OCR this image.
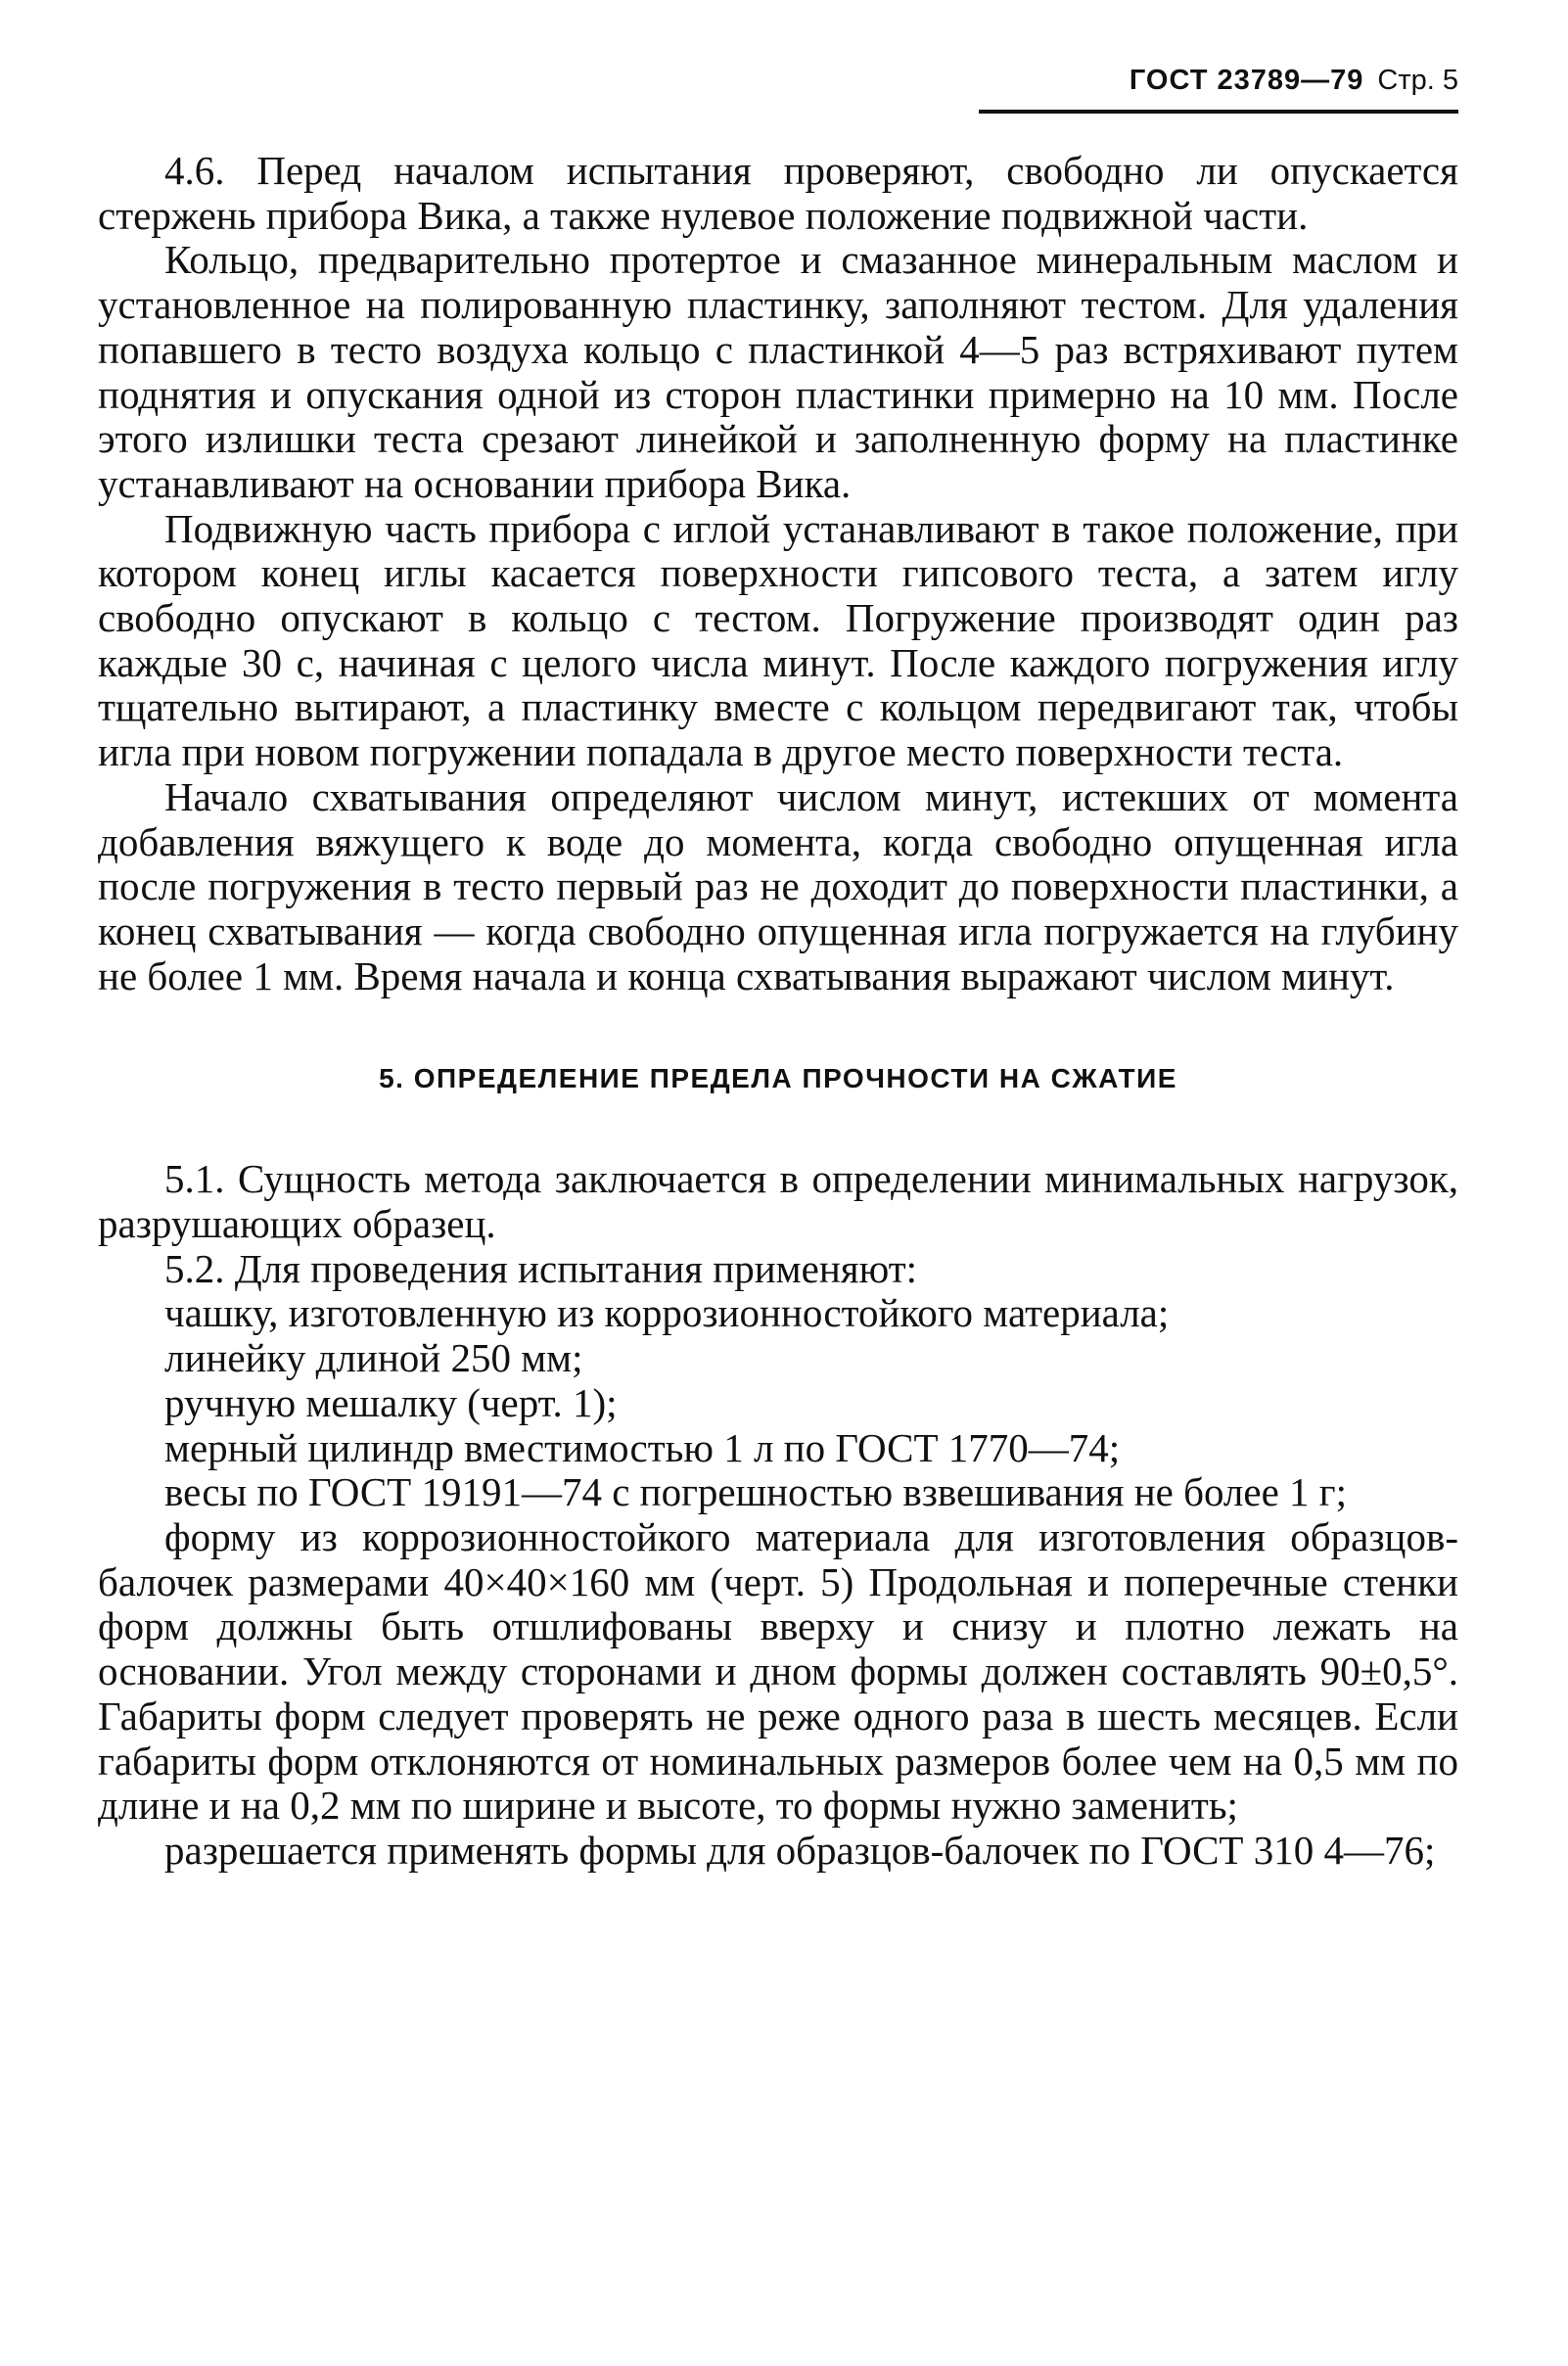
ГОСТ 23789—79 Стр. 5

4.6. Перед началом испытания проверяют, свободно ли опускается стержень прибора Вика, а также нулевое положение подвижной части.

Кольцо, предварительно протертое и смазанное минеральным маслом и установленное на полированную пластинку, заполняют тестом. Для удаления попавшего в тесто воздуха кольцо с пластинкой 4—5 раз встряхивают путем поднятия и опускания одной из сторон пластинки примерно на 10 мм. После этого излишки теста срезают линейкой и заполненную форму на пластинке устанавливают на основании прибора Вика.

Подвижную часть прибора с иглой устанавливают в такое положение, при котором конец иглы касается поверхности гипсового теста, а затем иглу свободно опускают в кольцо с тестом. Погружение производят один раз каждые 30 с, начиная с целого числа минут. После каждого погружения иглу тщательно вытирают, а пластинку вместе с кольцом передвигают так, чтобы игла при новом погружении попадала в другое место поверхности теста.

Начало схватывания определяют числом минут, истекших от момента добавления вяжущего к воде до момента, когда свободно опущенная игла после погружения в тесто первый раз не доходит до поверхности пластинки, а конец схватывания — когда свободно опущенная игла погружается на глубину не более 1 мм. Время начала и конца схватывания выражают числом минут.

5. ОПРЕДЕЛЕНИЕ ПРЕДЕЛА ПРОЧНОСТИ НА СЖАТИЕ

5.1. Сущность метода заключается в определении минимальных нагрузок, разрушающих образец.

5.2. Для проведения испытания применяют:

чашку, изготовленную из коррозионностойкого материала;

линейку длиной 250 мм;

ручную мешалку (черт. 1);

мерный цилиндр вместимостью 1 л по ГОСТ 1770—74;

весы по ГОСТ 19191—74 с погрешностью взвешивания не более 1 г;

форму из коррозионностойкого материала для изготовления образцов-балочек размерами 40×40×160 мм (черт. 5) Продольная и поперечные стенки форм должны быть отшлифованы вверху и снизу и плотно лежать на основании. Угол между сторонами и дном формы должен составлять 90±0,5°. Габариты форм следует проверять не реже одного раза в шесть месяцев. Если габариты форм отклоняются от номинальных размеров более чем на 0,5 мм по длине и на 0,2 мм по ширине и высоте, то формы нужно заменить;

разрешается применять формы для образцов-балочек по ГОСТ 310 4—76;
